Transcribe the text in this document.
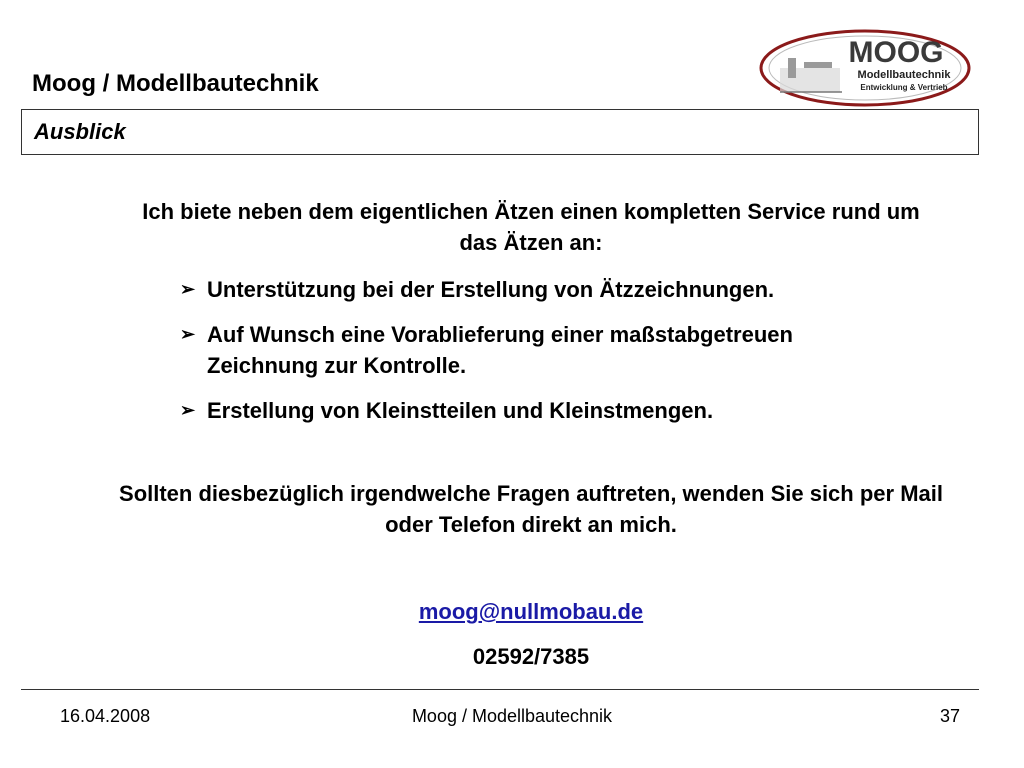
Moog / Modellbautechnik
MOOG
Modellbautechnik
Entwicklung & Vertrieb
Ausblick

Ich biete neben dem eigentlichen Ätzen einen kompletten Service rund um das Ätzen an:

➢ Unterstützung bei der Erstellung von Ätzzeichnungen.
➢ Auf Wunsch eine Vorablieferung einer maßstabgetreuen Zeichnung zur Kontrolle.
➢ Erstellung von Kleinstteilen und Kleinstmengen.

Sollten diesbezüglich irgendwelche Fragen auftreten, wenden Sie sich per Mail oder Telefon direkt an mich.

moog@nullmobau.de

02592/7385

16.04.2008	Moog / Modellbautechnik	37
